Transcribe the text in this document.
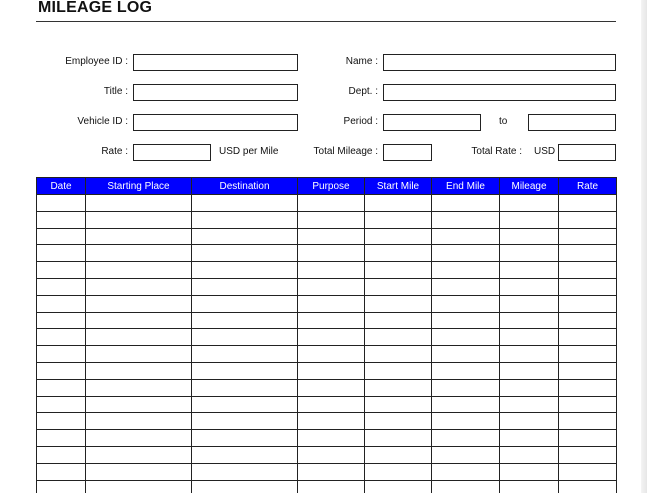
MILEAGE LOG
Employee ID :	Name :
Title :	Dept. :
Vehicle ID :	Period :	to
Rate :	USD per Mile	Total Mileage :	Total Rate : USD
Date	Starting Place	Destination	Purpose	Start Mile	End Mile	Mileage	Rate
